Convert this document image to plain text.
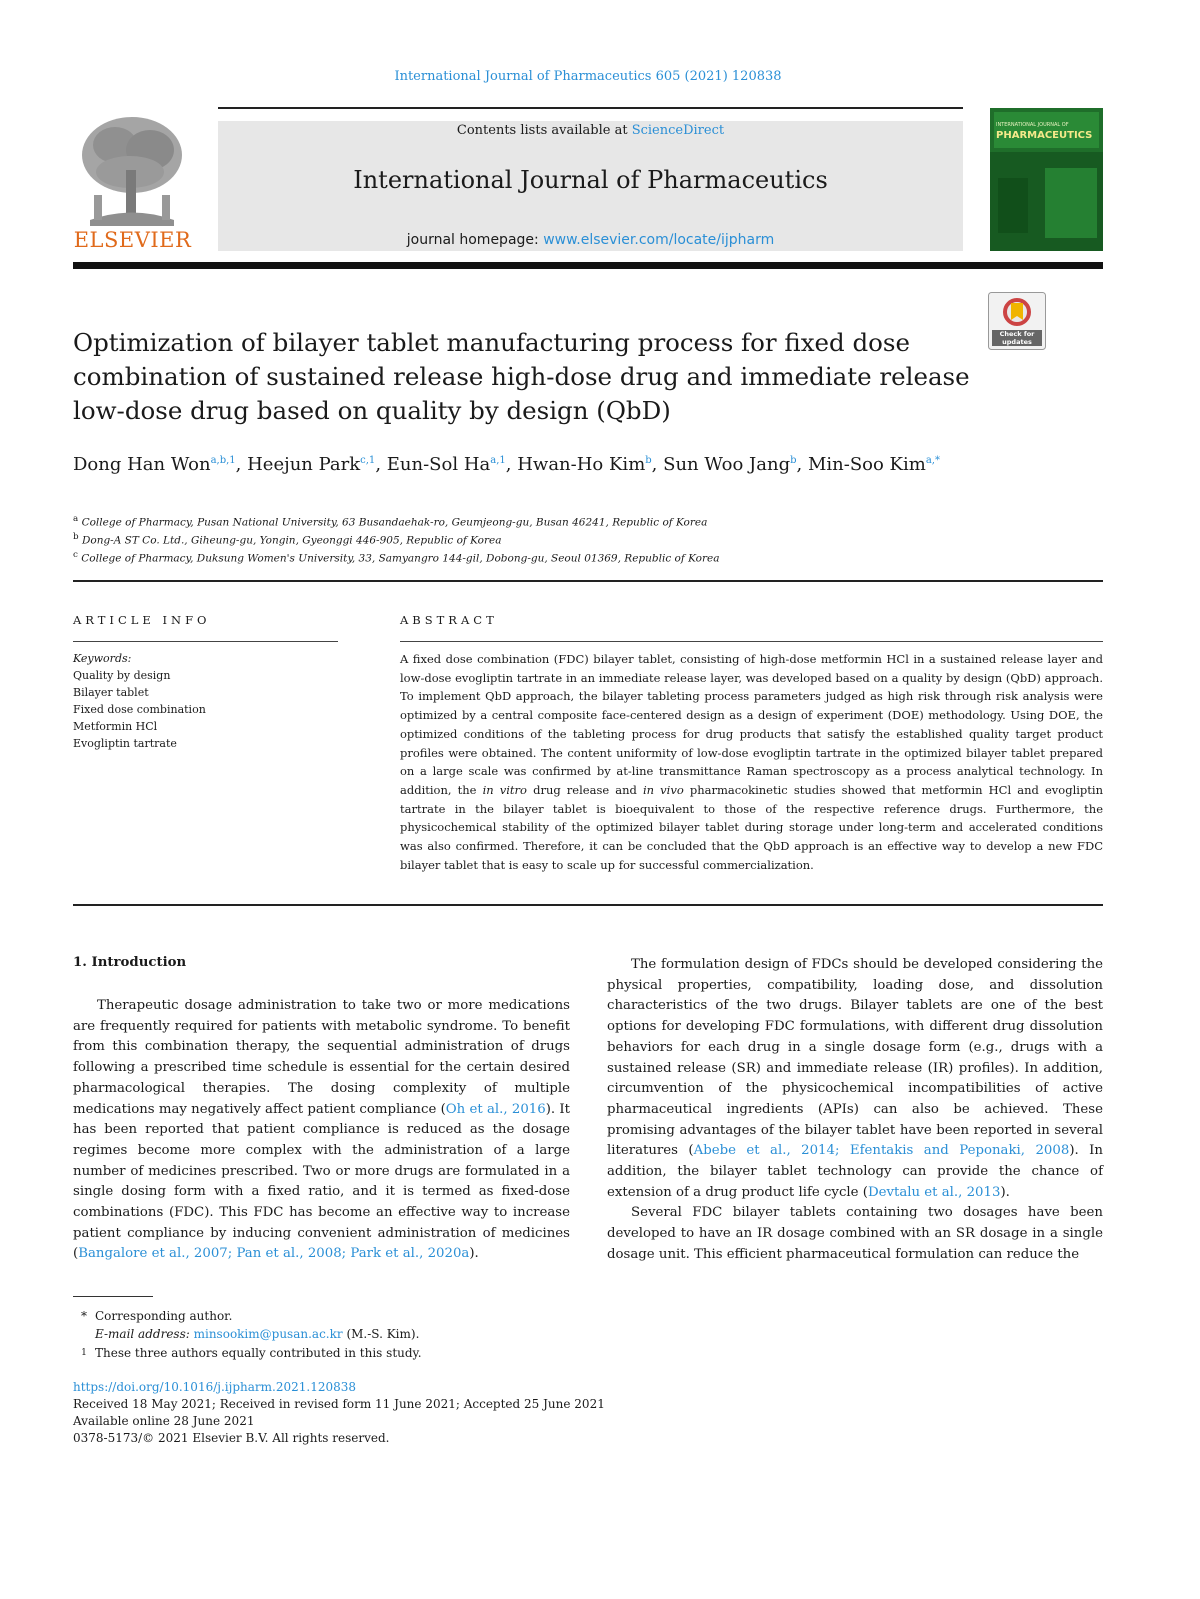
International Journal of Pharmaceutics 605 (2021) 120838
ELSEVIER
Contents lists available at ScienceDirect
International Journal of Pharmaceutics
journal homepage: www.elsevier.com/locate/ijpharm
INTERNATIONAL JOURNAL OF
PHARMACEUTICS
Check for updates
Optimization of bilayer tablet manufacturing process for fixed dose combination of sustained release high-dose drug and immediate release low-dose drug based on quality by design (QbD)
Dong Han Won$^{a,b,1}$, Heejun Park$^{c,1}$, Eun-Sol Ha$^{a,1}$, Hwan-Ho Kim$^b$, Sun Woo Jang$^b$, Min-Soo Kim$^{a,*}$
$^a$ College of Pharmacy, Pusan National University, 63 Busandaehak-ro, Geumjeong-gu, Busan 46241, Republic of Korea
$^b$ Dong-A ST Co. Ltd., Giheung-gu, Yongin, Gyeonggi 446-905, Republic of Korea
$^c$ College of Pharmacy, Duksung Women's University, 33, Samyangro 144-gil, Dobong-gu, Seoul 01369, Republic of Korea
ARTICLE INFO
Keywords:
Quality by design
Bilayer tablet
Fixed dose combination
Metformin HCl
Evogliptin tartrate
ABSTRACT
A fixed dose combination (FDC) bilayer tablet, consisting of high-dose metformin HCl in a sustained release layer and low-dose evogliptin tartrate in an immediate release layer, was developed based on a quality by design (QbD) approach. To implement QbD approach, the bilayer tableting process parameters judged as high risk through risk analysis were optimized by a central composite face-centered design as a design of experiment (DOE) methodology. Using DOE, the optimized conditions of the tableting process for drug products that satisfy the established quality target product profiles were obtained. The content uniformity of low-dose evogliptin tartrate in the optimized bilayer tablet prepared on a large scale was confirmed by at-line transmittance Raman spectroscopy as a process analytical technology. In addition, the in vitro drug release and in vivo pharmacokinetic studies showed that metformin HCl and evogliptin tartrate in the bilayer tablet is bioequivalent to those of the respective reference drugs. Furthermore, the physicochemical stability of the optimized bilayer tablet during storage under long-term and accelerated conditions was also confirmed. Therefore, it can be concluded that the QbD approach is an effective way to develop a new FDC bilayer tablet that is easy to scale up for successful commercialization.
1. Introduction

Therapeutic dosage administration to take two or more medications are frequently required for patients with metabolic syndrome. To benefit from this combination therapy, the sequential administration of drugs following a prescribed time schedule is essential for the certain desired pharmacological therapies. The dosing complexity of multiple medications may negatively affect patient compliance (Oh et al., 2016). It has been reported that patient compliance is reduced as the dosage regimes become more complex with the administration of a large number of medicines prescribed. Two or more drugs are formulated in a single dosing form with a fixed ratio, and it is termed as fixed-dose combinations (FDC). This FDC has become an effective way to increase patient compliance by inducing convenient administration of medicines (Bangalore et al., 2007; Pan et al., 2008; Park et al., 2020a).

The formulation design of FDCs should be developed considering the physical properties, compatibility, loading dose, and dissolution characteristics of the two drugs. Bilayer tablets are one of the best options for developing FDC formulations, with different drug dissolution behaviors for each drug in a single dosage form (e.g., drugs with a sustained release (SR) and immediate release (IR) profiles). In addition, circumvention of the physicochemical incompatibilities of active pharmaceutical ingredients (APIs) can also be achieved. These promising advantages of the bilayer tablet have been reported in several literatures (Abebe et al., 2014; Efentakis and Peponaki, 2008). In addition, the bilayer tablet technology can provide the chance of extension of a drug product life cycle (Devtalu et al., 2013).

Several FDC bilayer tablets containing two dosages have been developed to have an IR dosage combined with an SR dosage in a single dosage unit. This efficient pharmaceutical formulation can reduce the

* Corresponding author.
E-mail address: minsookim@pusan.ac.kr (M.-S. Kim).
1 These three authors equally contributed in this study.
https://doi.org/10.1016/j.ijpharm.2021.120838
Received 18 May 2021; Received in revised form 11 June 2021; Accepted 25 June 2021
Available online 28 June 2021
0378-5173/© 2021 Elsevier B.V. All rights reserved.
